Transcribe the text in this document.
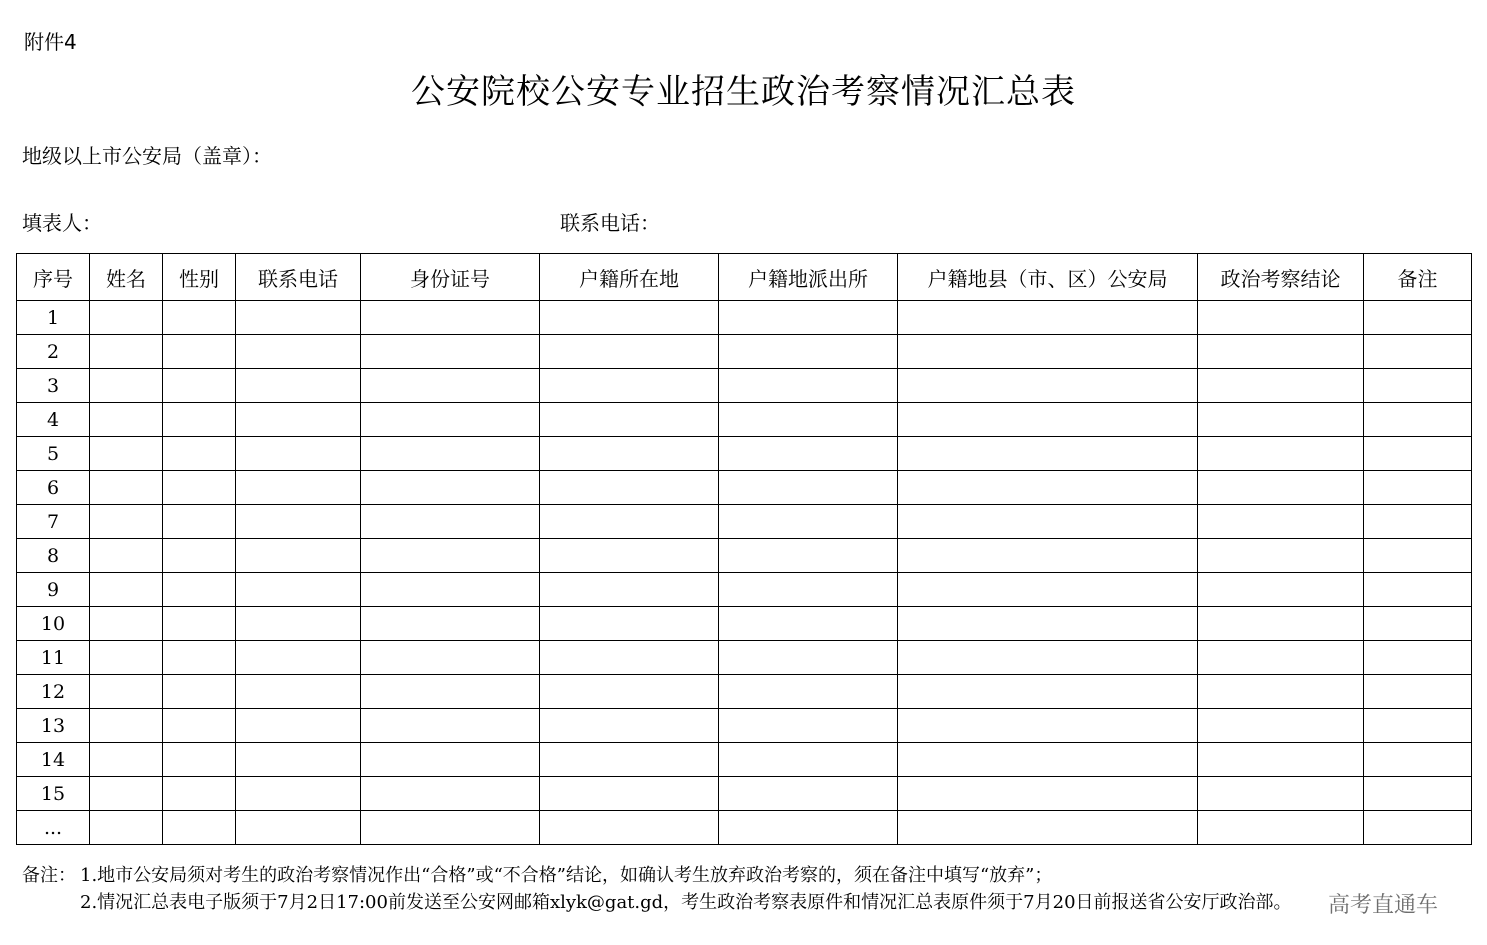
附件4
公安院校公安专业招生政治考察情况汇总表
地级以上市公安局（盖章）：
填表人：	联系电话：
序号	姓名	性别	联系电话	身份证号	户籍所在地	户籍地派出所	户籍地县（市、区）公安局	政治考察结论	备注
1									
2									
3									
4									
5									
6									
7									
8									
9									
10									
11									
12									
13									
14									
15									
...									
备注： 1.地市公安局须对考生的政治考察情况作出“合格”或“不合格”结论，如确认考生放弃政治考察的，须在备注中填写“放弃”；
2.情况汇总表电子版须于7月2日17:00前发送至公安网邮箱xlyk@gat.gd，考生政治考察表原件和情况汇总表原件须于7月20日前报送省公安厅政治部。 高考直通车
